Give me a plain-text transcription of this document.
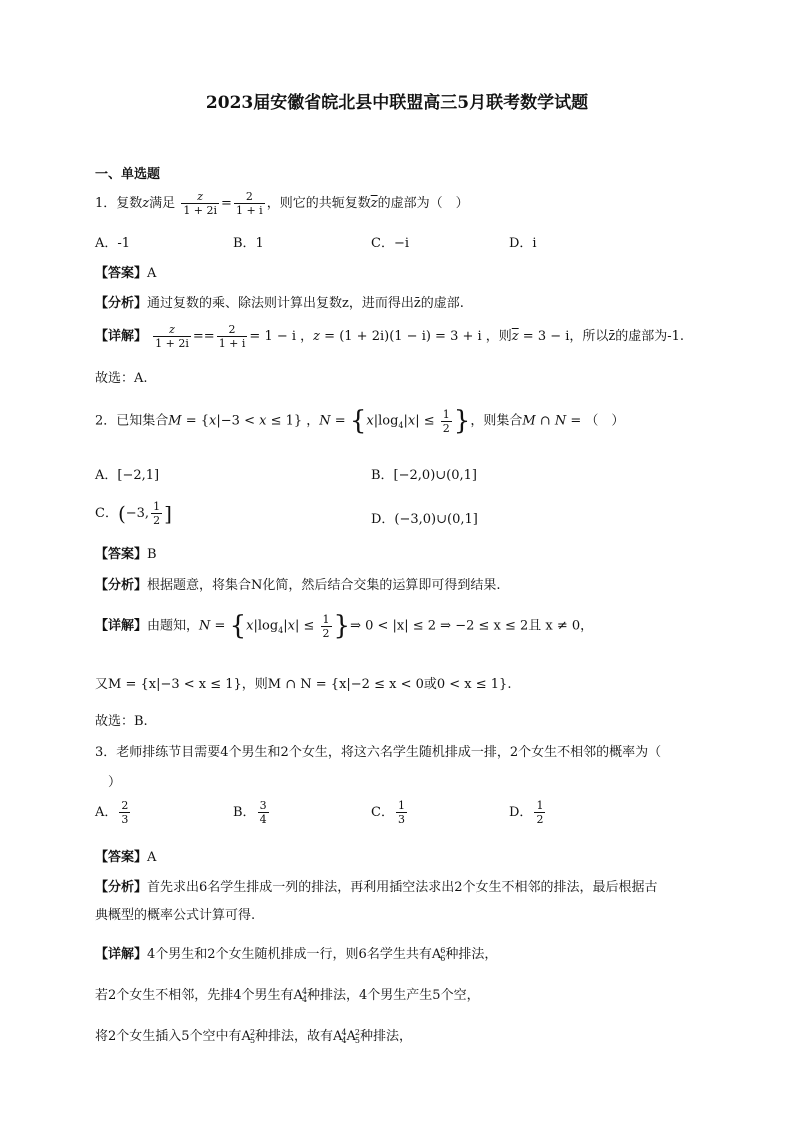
2023届安徽省皖北县中联盟高三5月联考数学试题
一、单选题
1．复数z满足 $\frac{z}{1 + 2i} = \frac{2}{1 + i}$ ，则它的共轭复数$\overline{z}$的虚部为（　）
A．-1	B．1	C．−i	D．i
【答案】A
【分析】通过复数的乘、除法则计算出复数z，进而得出z̄的虚部.
【详解】 $\frac{z}{1 + 2i} == \frac{2}{1 + i} = 1 - i$ ，z = (1 + 2i)(1 − i) = 3 + i ，则$\overline{z} = 3 - i$，所以z̄的虚部为-1.
故选：A.
2．已知集合M = {x|−3 < x ≤ 1} ，$N = \{x|\log_4|x| \le \frac{1}{2}$ }，则集合M ∩ N = （　）
A．[−2,1]	B．[−2,0)∪(0,1]
C．(−3, $\frac{1}{2}$ ]	D．(−3,0)∪(0,1]
【答案】B
【分析】根据题意，将集合N化简，然后结合交集的运算即可得到结果.
【详解】由题知，$N = \{x|\log_4|x| \le \frac{1}{2}$ }⇒ 0 < |x| ≤ 2 ⇒ −2 ≤ x ≤ 2且 x ≠ 0，
又M = {x|−3 < x ≤ 1}，则M ∩ N = {x|−2 ≤ x < 0或0 < x ≤ 1}.
故选：B.
3．老师排练节目需要4个男生和2个女生，将这六名学生随机排成一排，2个女生不相邻的概率为（
）
A． $\frac{2}{3}$	B． $\frac{3}{4}$	C． $\frac{1}{3}$	D． $\frac{1}{2}$
【答案】A
【分析】首先求出6名学生排成一列的排法，再利用插空法求出2个女生不相邻的排法，最后根据古
典概型的概率公式计算可得.
【详解】4个男生和2个女生随机排成一行，则6名学生共有A 6
6 种排法，
若2个女生不相邻，先排4个男生有A 4
4 种排法，4个男生产生5个空，
将2个女生插入5个空中有A 2
5 种排法，故有A 4
4 A 2
5 种排法，
